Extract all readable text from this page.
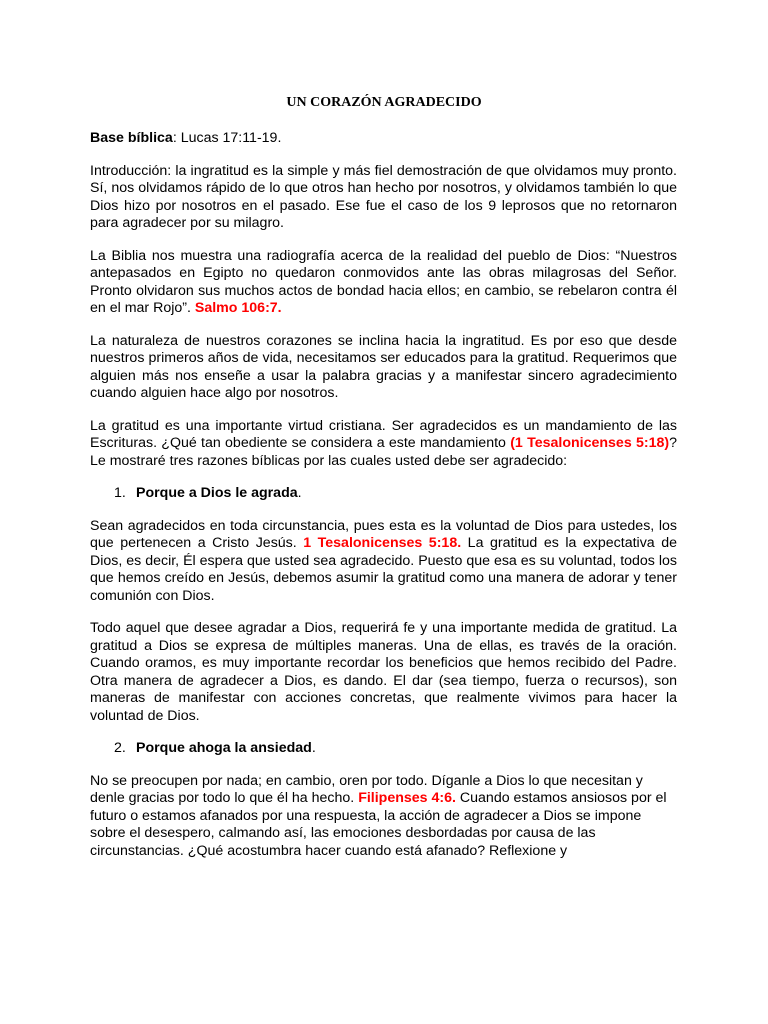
UN CORAZÓN AGRADECIDO

Base bíblica: Lucas 17:11-19.

Introducción: la ingratitud es la simple y más fiel demostración de que olvidamos muy pronto. Sí, nos olvidamos rápido de lo que otros han hecho por nosotros, y olvidamos también lo que Dios hizo por nosotros en el pasado. Ese fue el caso de los 9 leprosos que no retornaron para agradecer por su milagro.

La Biblia nos muestra una radiografía acerca de la realidad del pueblo de Dios: “Nuestros antepasados en Egipto no quedaron conmovidos ante las obras milagrosas del Señor. Pronto olvidaron sus muchos actos de bondad hacia ellos; en cambio, se rebelaron contra él en el mar Rojo”. Salmo 106:7.

La naturaleza de nuestros corazones se inclina hacia la ingratitud. Es por eso que desde nuestros primeros años de vida, necesitamos ser educados para la gratitud. Requerimos que alguien más nos enseñe a usar la palabra gracias y a manifestar sincero agradecimiento cuando alguien hace algo por nosotros.

La gratitud es una importante virtud cristiana. Ser agradecidos es un mandamiento de las Escrituras. ¿Qué tan obediente se considera a este mandamiento (1 Tesalonicenses 5:18)? Le mostraré tres razones bíblicas por las cuales usted debe ser agradecido:

1. Porque a Dios le agrada.

Sean agradecidos en toda circunstancia, pues esta es la voluntad de Dios para ustedes, los que pertenecen a Cristo Jesús. 1 Tesalonicenses 5:18. La gratitud es la expectativa de Dios, es decir, Él espera que usted sea agradecido. Puesto que esa es su voluntad, todos los que hemos creído en Jesús, debemos asumir la gratitud como una manera de adorar y tener comunión con Dios.

Todo aquel que desee agradar a Dios, requerirá fe y una importante medida de gratitud. La gratitud a Dios se expresa de múltiples maneras. Una de ellas, es través de la oración. Cuando oramos, es muy importante recordar los beneficios que hemos recibido del Padre. Otra manera de agradecer a Dios, es dando. El dar (sea tiempo, fuerza o recursos), son maneras de manifestar con acciones concretas, que realmente vivimos para hacer la voluntad de Dios.

2. Porque ahoga la ansiedad.

No se preocupen por nada; en cambio, oren por todo. Díganle a Dios lo que necesitan y denle gracias por todo lo que él ha hecho. Filipenses 4:6. Cuando estamos ansiosos por el futuro o estamos afanados por una respuesta, la acción de agradecer a Dios se impone sobre el desespero, calmando así, las emociones desbordadas por causa de las circunstancias. ¿Qué acostumbra hacer cuando está afanado? Reflexione y
